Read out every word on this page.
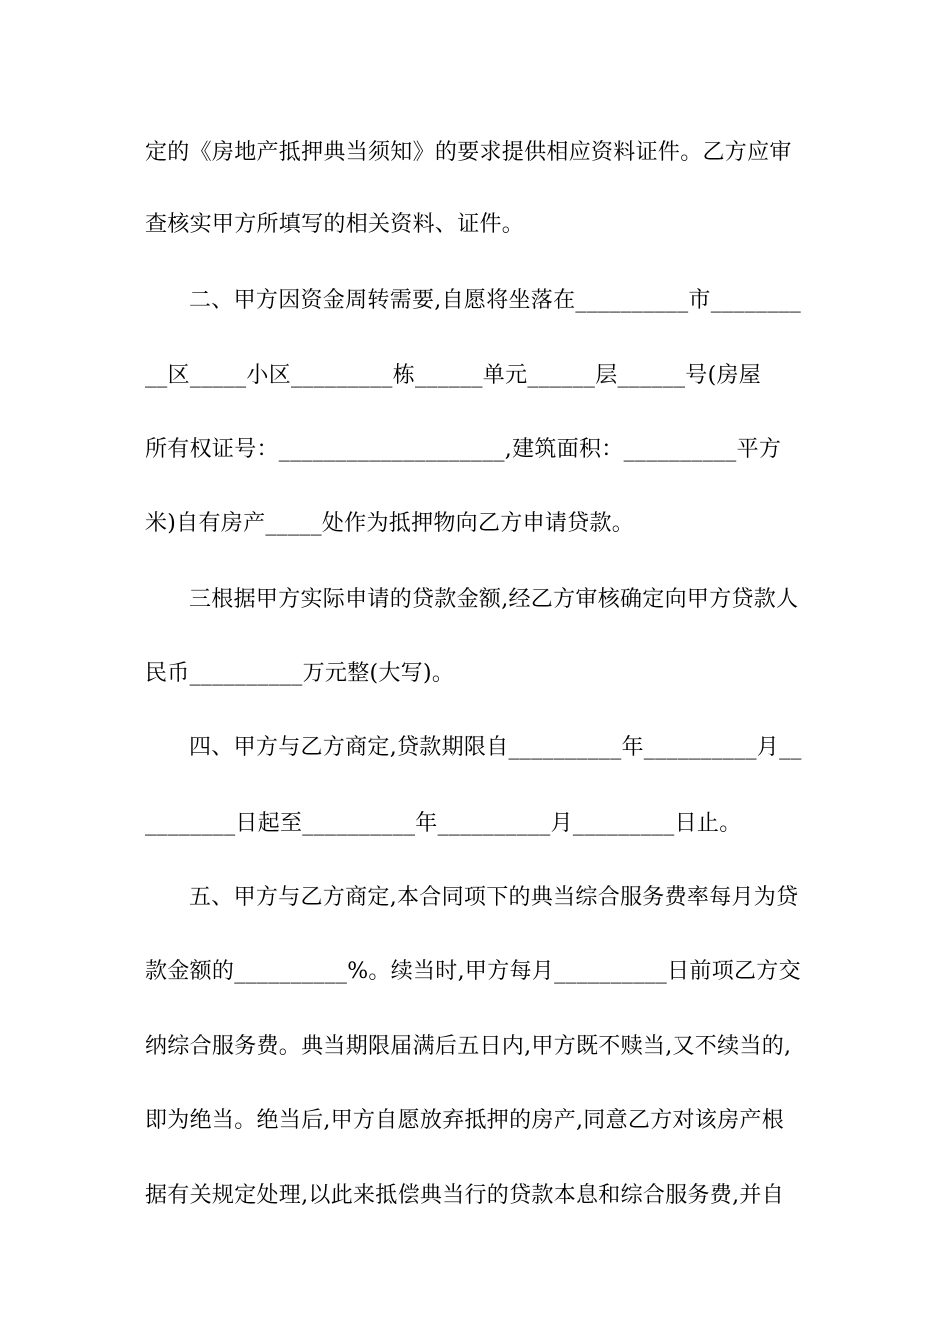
定的《房地产抵押典当须知》的要求提供相应资料证件。乙方应审
查核实甲方所填写的相关资料、证件。
二、甲方因资金周转需要,自愿将坐落在__________市________
__区_____小区_________栋______单元______层______号(房屋
所有权证号：____________________,建筑面积：__________平方
米)自有房产_____处作为抵押物向乙方申请贷款。
三根据甲方实际申请的贷款金额,经乙方审核确定向甲方贷款人
民币__________万元整(大写)。
四、甲方与乙方商定,贷款期限自__________年__________月__
________日起至__________年__________月_________日止。
五、甲方与乙方商定,本合同项下的典当综合服务费率每月为贷
款金额的__________%。续当时,甲方每月__________日前项乙方交
纳综合服务费。典当期限届满后五日内,甲方既不赎当,又不续当的,
即为绝当。绝当后,甲方自愿放弃抵押的房产,同意乙方对该房产根
据有关规定处理,以此来抵偿典当行的贷款本息和综合服务费,并自
